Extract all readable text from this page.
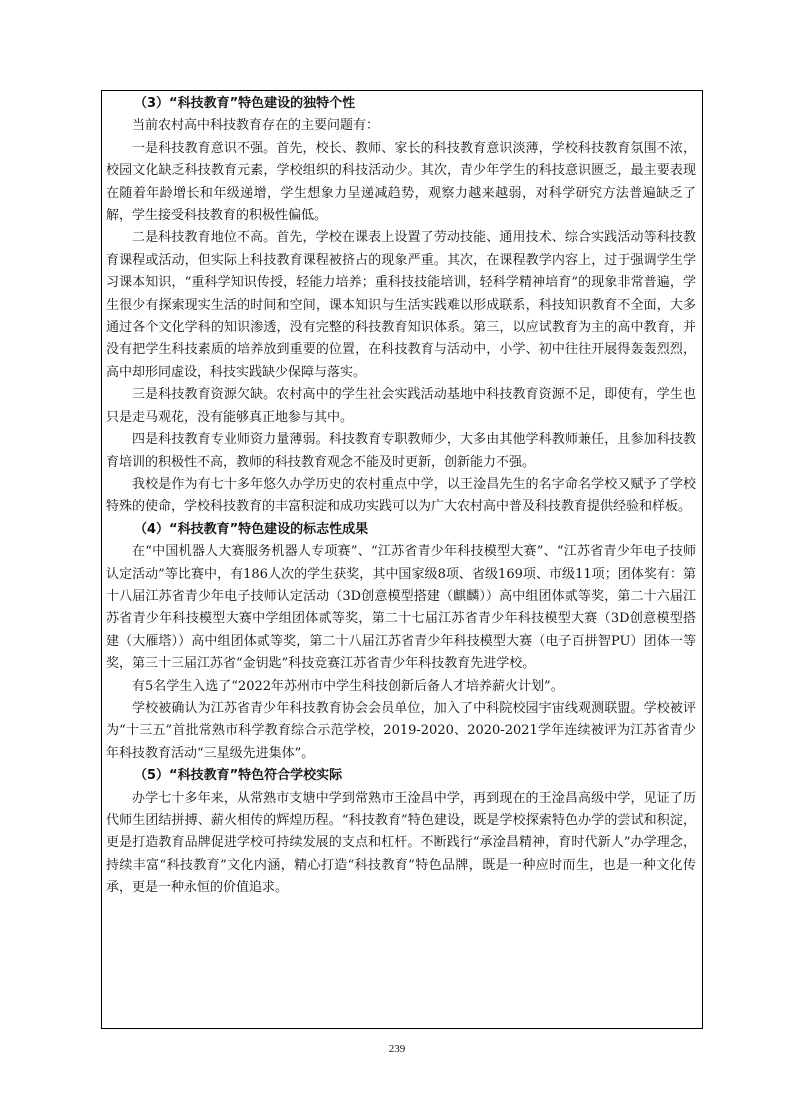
（3）“科技教育”特色建设的独特个性

当前农村高中科技教育存在的主要问题有：

一是科技教育意识不强。首先，校长、教师、家长的科技教育意识淡薄，学校科技教育氛围不浓，校园文化缺乏科技教育元素，学校组织的科技活动少。其次，青少年学生的科技意识匮乏，最主要表现在随着年龄增长和年级递增，学生想象力呈递减趋势，观察力越来越弱，对科学研究方法普遍缺乏了解，学生接受科技教育的积极性偏低。

二是科技教育地位不高。首先，学校在课表上设置了劳动技能、通用技术、综合实践活动等科技教育课程或活动，但实际上科技教育课程被挤占的现象严重。其次，在课程教学内容上，过于强调学生学习课本知识，“重科学知识传授，轻能力培养；重科技技能培训，轻科学精神培育”的现象非常普遍，学生很少有探索现实生活的时间和空间，课本知识与生活实践难以形成联系，科技知识教育不全面，大多通过各个文化学科的知识渗透，没有完整的科技教育知识体系。第三，以应试教育为主的高中教育，并没有把学生科技素质的培养放到重要的位置，在科技教育与活动中，小学、初中往往开展得轰轰烈烈，高中却形同虚设，科技实践缺少保障与落实。

三是科技教育资源欠缺。农村高中的学生社会实践活动基地中科技教育资源不足，即使有，学生也只是走马观花，没有能够真正地参与其中。

四是科技教育专业师资力量薄弱。科技教育专职教师少，大多由其他学科教师兼任，且参加科技教育培训的积极性不高，教师的科技教育观念不能及时更新，创新能力不强。

我校是作为有七十多年悠久办学历史的农村重点中学，以王淦昌先生的名字命名学校又赋予了学校特殊的使命，学校科技教育的丰富积淀和成功实践可以为广大农村高中普及科技教育提供经验和样板。

（4）“科技教育”特色建设的标志性成果

在“中国机器人大赛服务机器人专项赛”、“江苏省青少年科技模型大赛”、“江苏省青少年电子技师认定活动”等比赛中，有186人次的学生获奖，其中国家级8项、省级169项、市级11项；团体奖有：第十八届江苏省青少年电子技师认定活动（3D创意模型搭建（麒麟））高中组团体贰等奖，第二十六届江苏省青少年科技模型大赛中学组团体贰等奖，第二十七届江苏省青少年科技模型大赛（3D创意模型搭建（大雁塔））高中组团体贰等奖，第二十八届江苏省青少年科技模型大赛（电子百拼智PU）团体一等奖，第三十三届江苏省“金钥匙”科技竞赛江苏省青少年科技教育先进学校。

有5名学生入选了“2022年苏州市中学生科技创新后备人才培养薪火计划”。

学校被确认为江苏省青少年科技教育协会会员单位，加入了中科院校园宇宙线观测联盟。学校被评为“十三五”首批常熟市科学教育综合示范学校，2019-2020、2020-2021学年连续被评为江苏省青少年科技教育活动“三星级先进集体”。

（5）“科技教育”特色符合学校实际

办学七十多年来，从常熟市支塘中学到常熟市王淦昌中学，再到现在的王淦昌高级中学，见证了历代师生团结拼搏、薪火相传的辉煌历程。“科技教育”特色建设，既是学校探索特色办学的尝试和积淀，更是打造教育品牌促进学校可持续发展的支点和杠杆。不断践行“承淦昌精神，育时代新人”办学理念，持续丰富“科技教育”文化内涵，精心打造“科技教育”特色品牌，既是一种应时而生，也是一种文化传承，更是一种永恒的价值追求。

239
